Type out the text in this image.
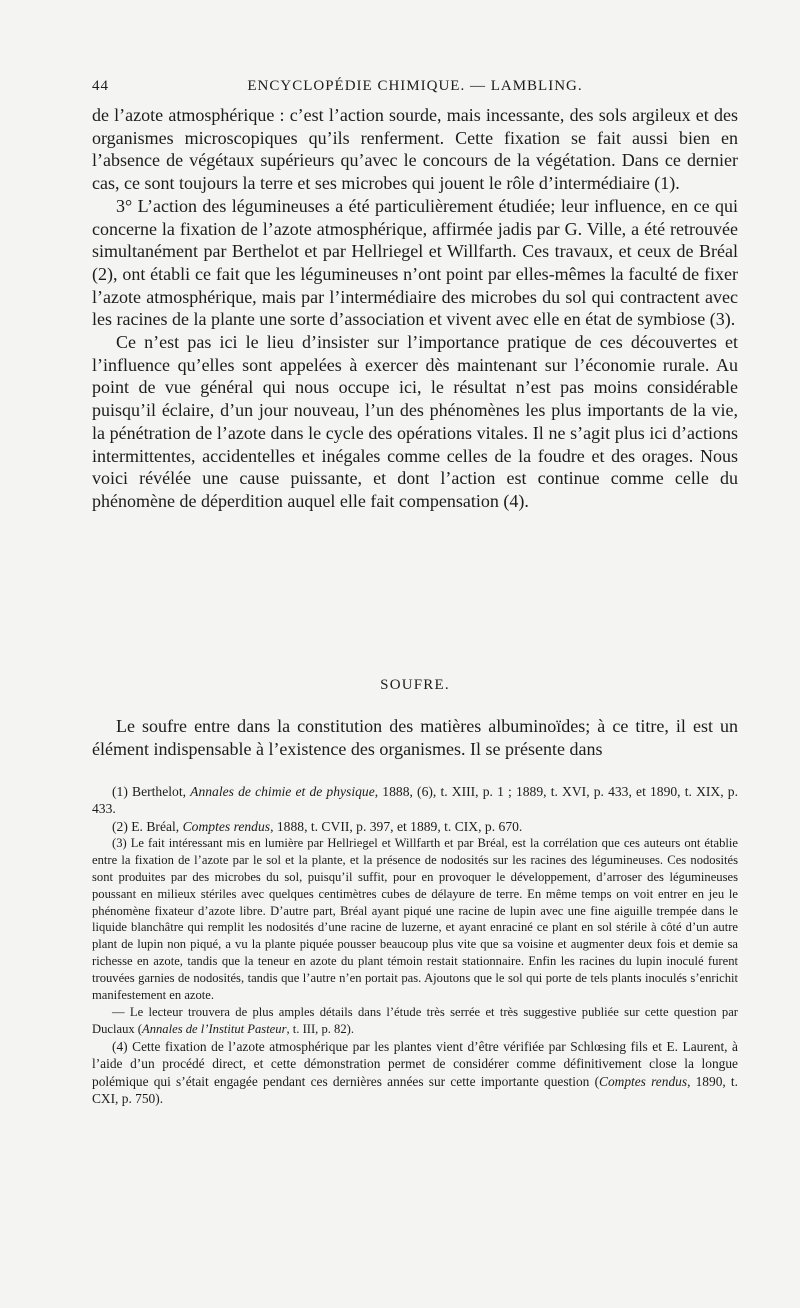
44	ENCYCLOPÉDIE CHIMIQUE. — LAMBLING.

de l’azote atmosphérique : c’est l’action sourde, mais incessante, des sols argileux et des organismes microscopiques qu’ils renferment. Cette fixation se fait aussi bien en l’absence de végétaux supérieurs qu’avec le concours de la végétation. Dans ce dernier cas, ce sont toujours la terre et ses microbes qui jouent le rôle d’intermédiaire (1).

3° L’action des légumineuses a été particulièrement étudiée; leur influence, en ce qui concerne la fixation de l’azote atmosphérique, affirmée jadis par G. Ville, a été retrouvée simultanément par Berthelot et par Hellriegel et Willfarth. Ces travaux, et ceux de Bréal (2), ont établi ce fait que les légumineuses n’ont point par elles-mêmes la faculté de fixer l’azote atmosphérique, mais par l’intermédiaire des microbes du sol qui contractent avec les racines de la plante une sorte d’association et vivent avec elle en état de symbiose (3).

Ce n’est pas ici le lieu d’insister sur l’importance pratique de ces découvertes et l’influence qu’elles sont appelées à exercer dès maintenant sur l’économie rurale. Au point de vue général qui nous occupe ici, le résultat n’est pas moins considérable puisqu’il éclaire, d’un jour nouveau, l’un des phénomènes les plus importants de la vie, la pénétration de l’azote dans le cycle des opérations vitales. Il ne s’agit plus ici d’actions intermittentes, accidentelles et inégales comme celles de la foudre et des orages. Nous voici révélée une cause puissante, et dont l’action est continue comme celle du phénomène de déperdition auquel elle fait compensation (4).

SOUFRE.

Le soufre entre dans la constitution des matières albuminoïdes; à ce titre, il est un élément indispensable à l’existence des organismes. Il se présente dans

(1) Berthelot, Annales de chimie et de physique, 1888, (6), t. XIII, p. 1 ; 1889, t. XVI, p. 433, et 1890, t. XIX, p. 433.

(2) E. Bréal, Comptes rendus, 1888, t. CVII, p. 397, et 1889, t. CIX, p. 670.

(3) Le fait intéressant mis en lumière par Hellriegel et Willfarth et par Bréal, est la corrélation que ces auteurs ont établie entre la fixation de l’azote par le sol et la plante, et la présence de nodosités sur les racines des légumineuses. Ces nodosités sont produites par des microbes du sol, puisqu’il suffit, pour en provoquer le développement, d’arroser des légumineuses poussant en milieux stériles avec quelques centimètres cubes de délayure de terre. En même temps on voit entrer en jeu le phénomène fixateur d’azote libre. D’autre part, Bréal ayant piqué une racine de lupin avec une fine aiguille trempée dans le liquide blanchâtre qui remplit les nodosités d’une racine de luzerne, et ayant enraciné ce plant en sol stérile à côté d’un autre plant de lupin non piqué, a vu la plante piquée pousser beaucoup plus vite que sa voisine et augmenter deux fois et demie sa richesse en azote, tandis que la teneur en azote du plant témoin restait stationnaire. Enfin les racines du lupin inoculé furent trouvées garnies de nodosités, tandis que l’autre n’en portait pas. Ajoutons que le sol qui porte de tels plants inoculés s’enrichit manifestement en azote.

— Le lecteur trouvera de plus amples détails dans l’étude très serrée et très suggestive publiée sur cette question par Duclaux (Annales de l’Institut Pasteur, t. III, p. 82).

(4) Cette fixation de l’azote atmosphérique par les plantes vient d’être vérifiée par Schlœsing fils et E. Laurent, à l’aide d’un procédé direct, et cette démonstration permet de considérer comme définitivement close la longue polémique qui s’était engagée pendant ces dernières années sur cette importante question (Comptes rendus, 1890, t. CXI, p. 750).
